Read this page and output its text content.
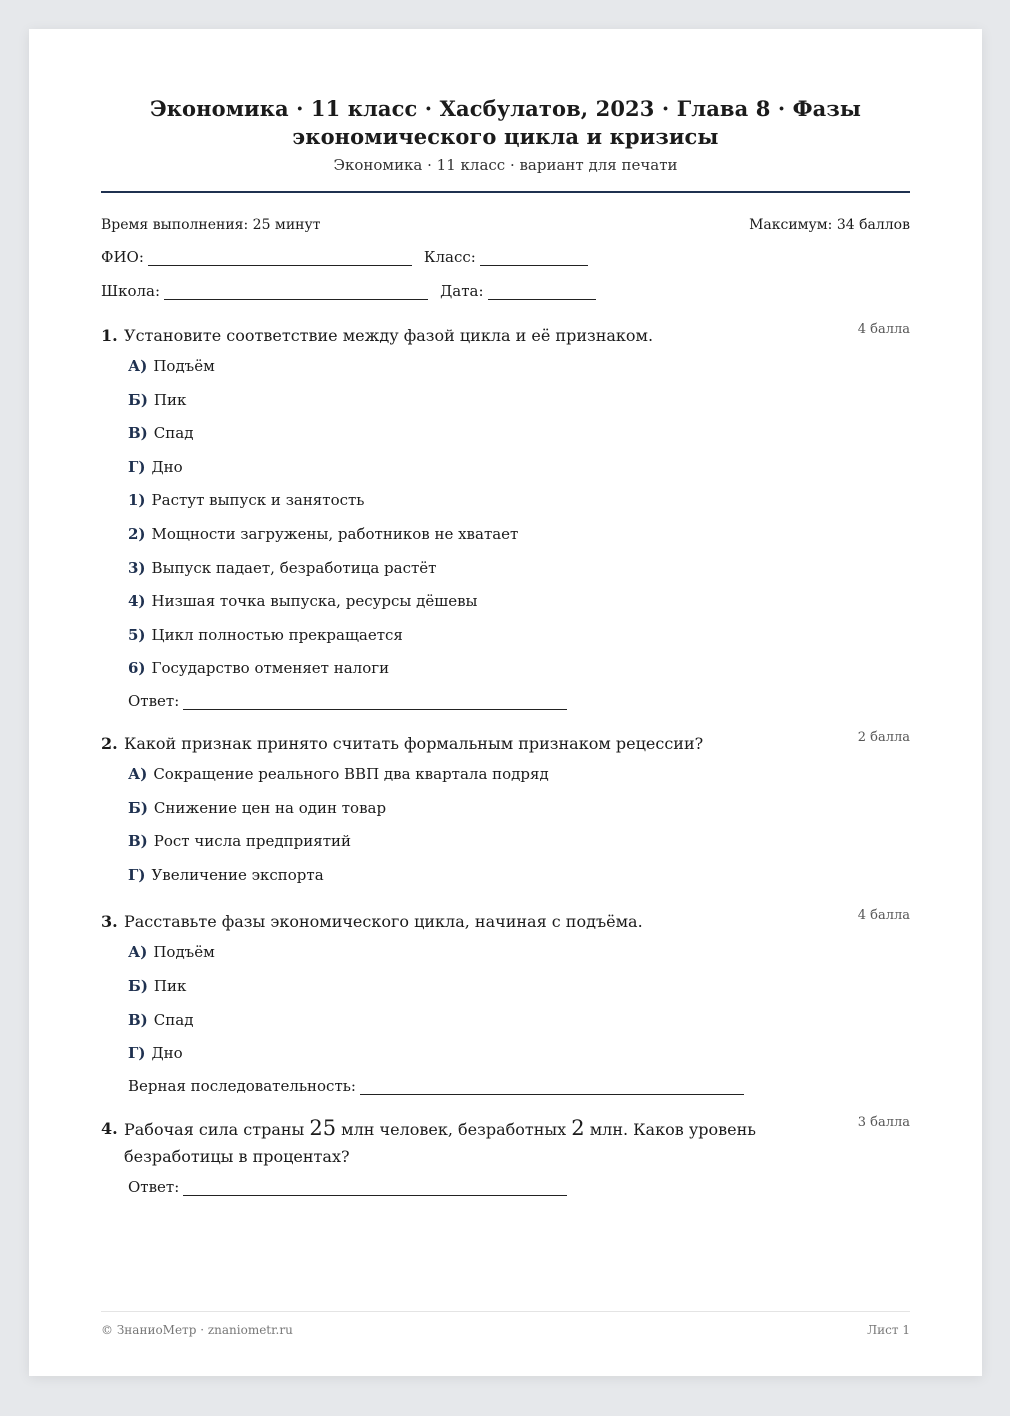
Экономика · 11 класс · Хасбулатов, 2023 · Глава 8 · Фазы экономического цикла и кризисы
Экономика · 11 класс · вариант для печати
Время выполнения: 25 минут	Максимум: 34 баллов
ФИО:	Класс:
Школа:	Дата:
1. Установите соответствие между фазой цикла и её признаком.	4 балла
А) Подъём
Б) Пик
В) Спад
Г) Дно
1) Растут выпуск и занятость
2) Мощности загружены, работников не хватает
3) Выпуск падает, безработица растёт
4) Низшая точка выпуска, ресурсы дёшевы
5) Цикл полностью прекращается
6) Государство отменяет налоги
Ответ:
2. Какой признак принято считать формальным признаком рецессии?	2 балла
А) Сокращение реального ВВП два квартала подряд
Б) Снижение цен на один товар
В) Рост числа предприятий
Г) Увеличение экспорта
3. Расставьте фазы экономического цикла, начиная с подъёма.	4 балла
А) Подъём
Б) Пик
В) Спад
Г) Дно
Верная последовательность:
4. Рабочая сила страны 25 млн человек, безработных 2 млн. Каков уровень безработицы в процентах?
3 балла
Ответ:
© ЗнаниоМетр · znaniometr.ru	Лист 1
